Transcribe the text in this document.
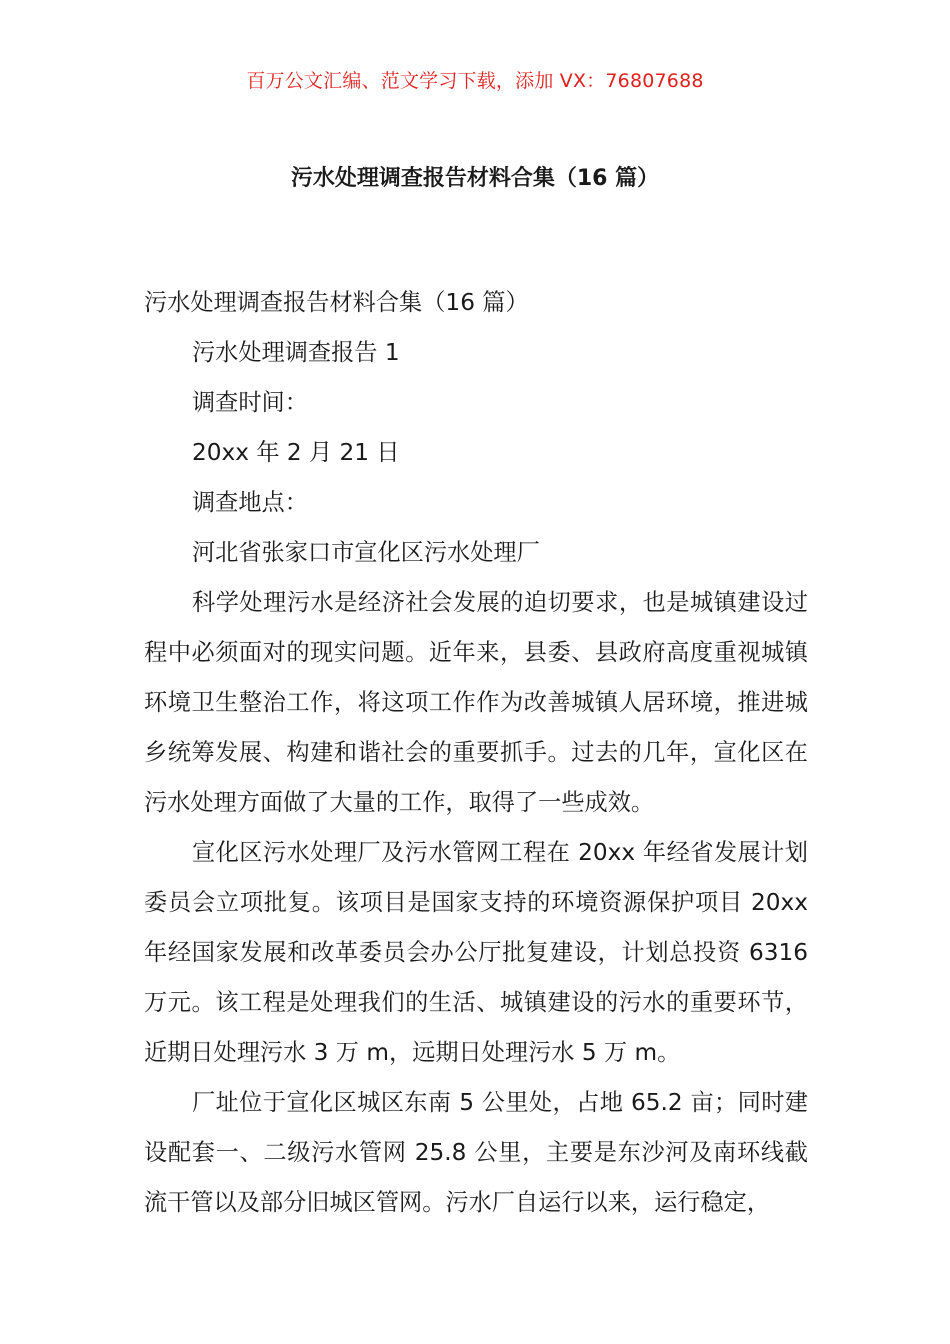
百万公文汇编、范文学习下载，添加 VX：76807688
污水处理调查报告材料合集（16 篇）

污水处理调查报告材料合集（16 篇）

污水处理调查报告 1

调查时间：

20xx 年 2 月 21 日

调查地点：

河北省张家口市宣化区污水处理厂

科学处理污水是经济社会发展的迫切要求，也是城镇建设过程中必须面对的现实问题。近年来，县委、县政府高度重视城镇环境卫生整治工作，将这项工作作为改善城镇人居环境，推进城乡统筹发展、构建和谐社会的重要抓手。过去的几年，宣化区在污水处理方面做了大量的工作，取得了一些成效。

宣化区污水处理厂及污水管网工程在 20xx 年经省发展计划委员会立项批复。该项目是国家支持的环境资源保护项目 20xx 年经国家发展和改革委员会办公厅批复建设，计划总投资 6316 万元。该工程是处理我们的生活、城镇建设的污水的重要环节，近期日处理污水 3 万 m，远期日处理污水 5 万 m。

厂址位于宣化区城区东南 5 公里处，占地 65.2 亩；同时建设配套一、二级污水管网 25.8 公里，主要是东沙河及南环线截流干管以及部分旧城区管网。污水厂自运行以来，运行稳定，
